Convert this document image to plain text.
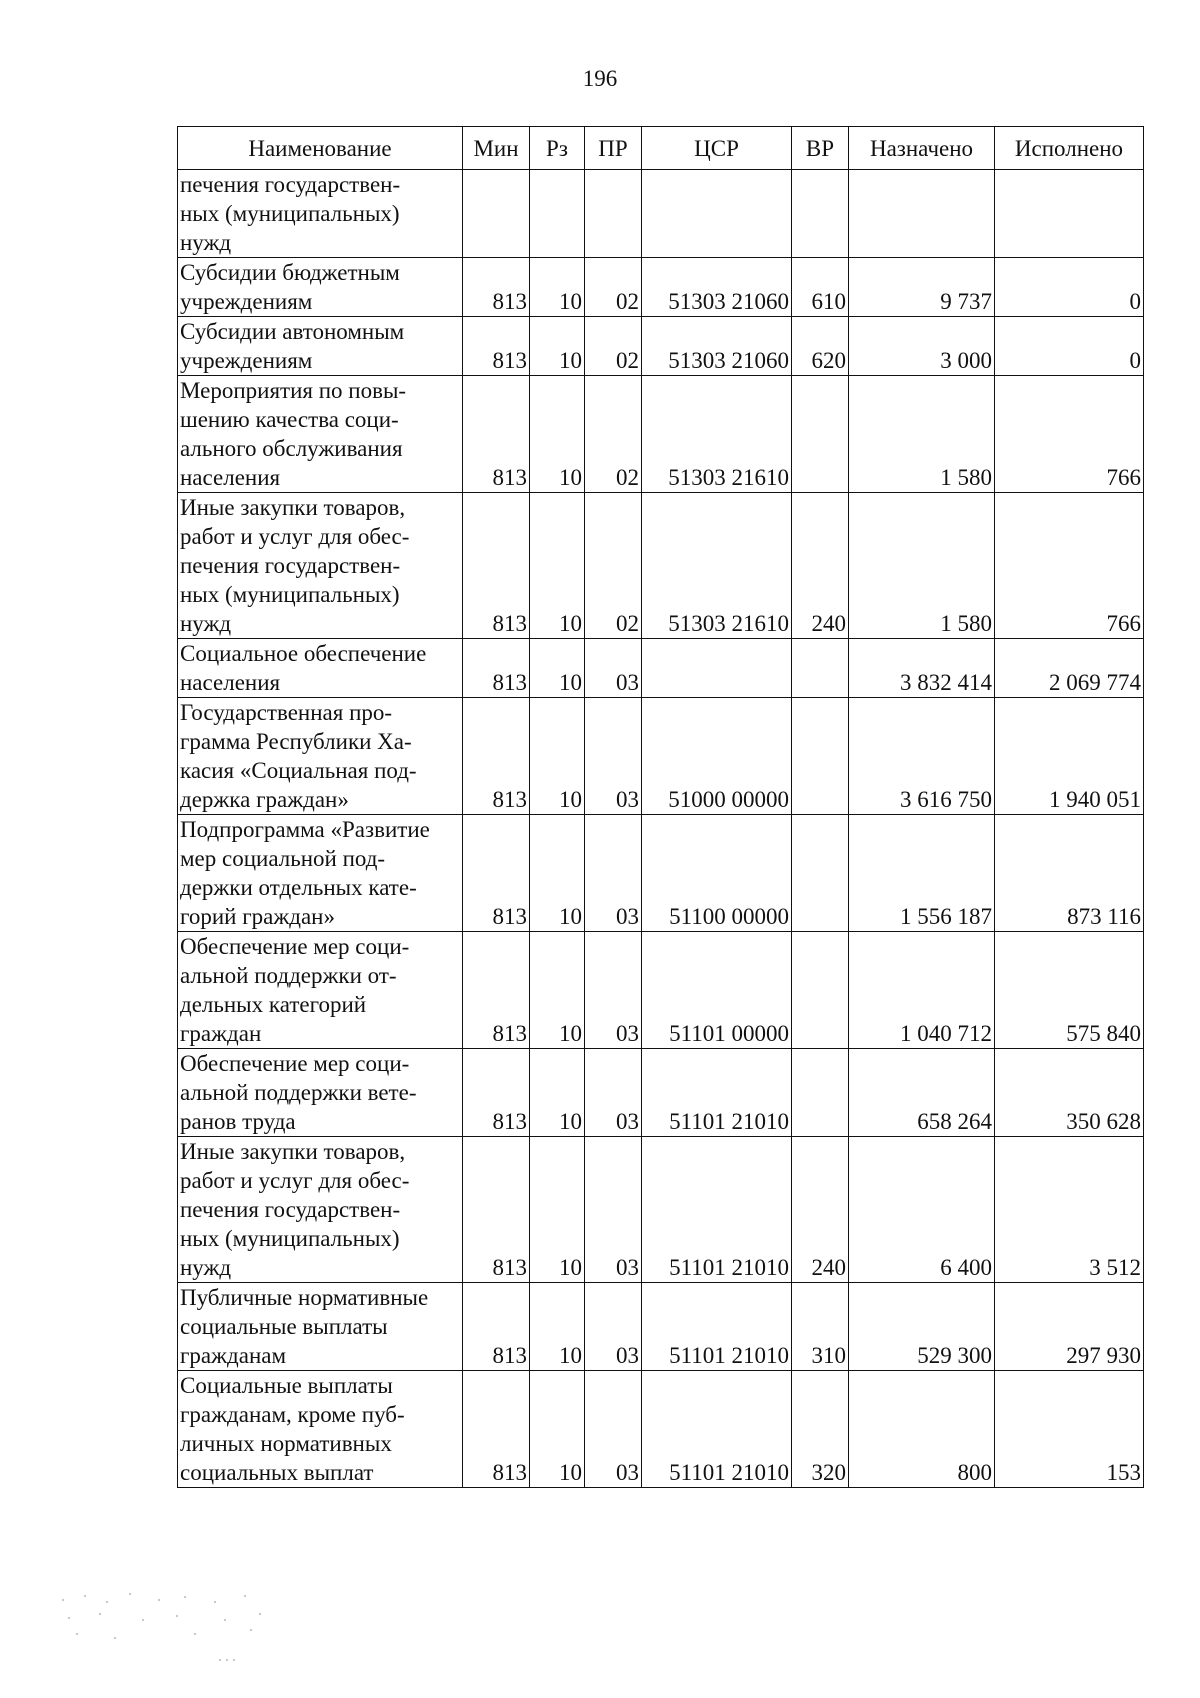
196
Наименование	Мин	Рз	ПР	ЦСР	ВР	Назначено	Исполнено
печения государствен-
ных (муниципальных)
нужд							
Субсидии бюджетным
учреждениям	813	10	02	51303 21060	610	9 737	0
Субсидии автономным
учреждениям	813	10	02	51303 21060	620	3 000	0
Мероприятия по повы-
шению качества соци-
ального обслуживания
населения	813	10	02	51303 21610		1 580	766
Иные закупки товаров,
работ и услуг для обес-
печения государствен-
ных (муниципальных)
нужд	813	10	02	51303 21610	240	1 580	766
Социальное обеспечение
населения	813	10	03			3 832 414	2 069 774
Государственная про-
грамма Республики Ха-
касия «Социальная под-
держка граждан»	813	10	03	51000 00000		3 616 750	1 940 051
Подпрограмма «Развитие
мер социальной под-
держки отдельных кате-
горий граждан»	813	10	03	51100 00000		1 556 187	873 116
Обеспечение мер соци-
альной поддержки от-
дельных категорий
граждан	813	10	03	51101 00000		1 040 712	575 840
Обеспечение мер соци-
альной поддержки вете-
ранов труда	813	10	03	51101 21010		658 264	350 628
Иные закупки товаров,
работ и услуг для обес-
печения государствен-
ных (муниципальных)
нужд	813	10	03	51101 21010	240	6 400	3 512
Публичные нормативные
социальные выплаты
гражданам	813	10	03	51101 21010	310	529 300	297 930
Социальные выплаты
гражданам, кроме пуб-
личных нормативных
социальных выплат	813	10	03	51101 21010	320	800	153
